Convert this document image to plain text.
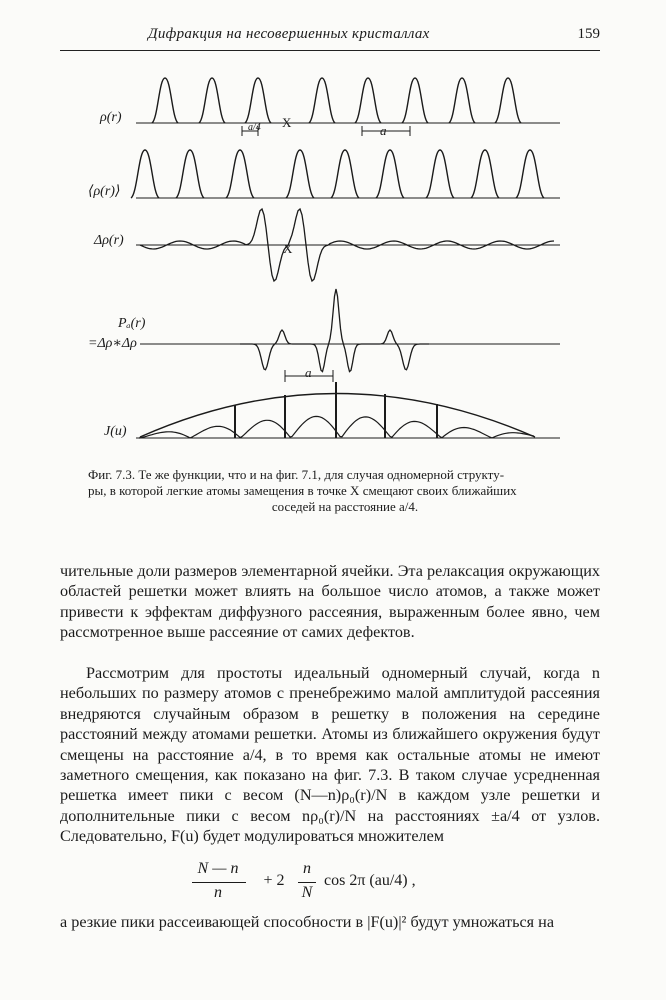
Дифракция на несовершенных кристаллах	159
ρ(r)
⟨ρ(r)⟩
Δρ(r)
Pₐ(r)
=Δρ∗Δρ
J(u)
X
X
a/4	a
a
Фиг. 7.3. Те же функции, что и на фиг. 7.1, для случая одномерной структу-
ры, в которой легкие атомы замещения в точке X смещают своих ближайших
соседей на расстояние a/4.
чительные доли размеров элементарной ячейки. Эта релаксация окружающих областей решетки может влиять на большое число атомов, а также может привести к эффектам диффузного рассеяния, выраженным более явно, чем рассмотренное выше рассеяние от самих дефектов.
Рассмотрим для простоты идеальный одномерный случай, когда n небольших по размеру атомов с пренебрежимо малой амплитудой рассеяния внедряются случайным образом в решетку в положения на середине расстояний между атомами решетки. Атомы из ближайшего окружения будут смещены на расстояние a/4, в то время как остальные атомы не имеют заметного смещения, как показано на фиг. 7.3. В таком случае усредненная решетка имеет пики с весом (N—n)ρ₀(r)/N в каждом узле решетки и дополнительные пики с весом nρ₀(r)/N на расстояниях ±a/4 от узлов. Следовательно, F(u) будет модулироваться множителем
N — n
n
+ 2
n
N
cos 2π (au/4) ,
а резкие пики рассеивающей способности в |F(u)|² будут умножаться на
